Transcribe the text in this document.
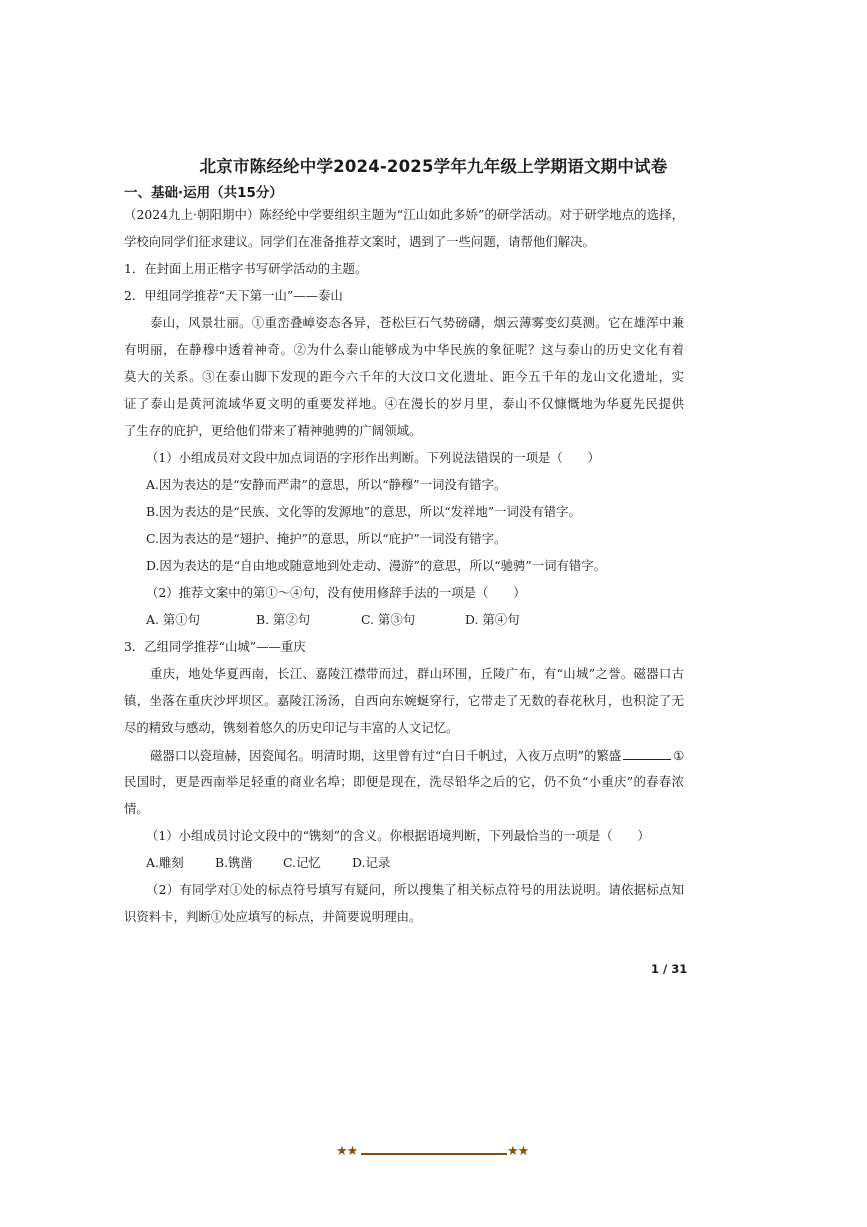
北京市陈经纶中学2024-2025学年九年级上学期语文期中试卷
一、基础·运用（共15分）
（2024九上·朝阳期中）陈经纶中学要组织主题为“江山如此多娇”的研学活动。对于研学地点的选择，
学校向同学们征求建议。同学们在准备推荐文案时，遇到了一些问题，请帮他们解决。
1．在封面上用正楷字书写研学活动的主题。
2．甲组同学推荐“天下第一山”——泰山
泰山，风景壮丽。①重峦叠嶂姿态各异，苍松巨石气势磅礴，烟云薄雾变幻莫测。它在雄浑中兼
有明丽，在静穆中透着神奇。②为什么泰山能够成为中华民族的象征呢？这与泰山的历史文化有着
莫大的关系。③在泰山脚下发现的距今六千年的大汶口文化遗址、距今五千年的龙山文化遗址，实
证了泰山是黄河流域华夏文明的重要发祥地。④在漫长的岁月里，泰山不仅慷慨地为华夏先民提供
了生存的庇护，更给他们带来了精神驰骋的广阔领域。
（1）小组成员对文段中加点词语的字形作出判断。下列说法错误的一项是（　　）
A.因为表达的是“安静而严肃”的意思，所以“静穆”一词没有错字。
B.因为表达的是“民族、文化等的发源地”的意思，所以“发祥地”一词没有错字。
C.因为表达的是“翅护、掩护”的意思，所以“庇护”一词没有错字。
D.因为表达的是“自由地或随意地到处走动、漫游”的意思，所以“驰骋”一词有错字。
（2）推荐文案中的第①～④句，没有使用修辞手法的一项是（　　）
A. 第①句	B. 第②句	C. 第③句	D. 第④句
3．乙组同学推荐“山城”——重庆
重庆，地处华夏西南，长江、嘉陵江襟带而过，群山环围，丘陵广布，有“山城”之誉。磁器口古
镇，坐落在重庆沙坪坝区。嘉陵江汤汤，自西向东婉蜒穿行，它带走了无数的春花秋月，也积淀了无
尽的精致与感动，镌刻着悠久的历史印记与丰富的人文记忆。
磁器口以瓷瑄赫，因瓷闻名。明清时期，这里曾有过“白日千帆过，入夜万点明”的繁盛	①
民国时，更是西南举足轻重的商业名埠；即便是现在，洗尽铅华之后的它，仍不负“小重庆”的春春浓
情。
（1）小组成员讨论文段中的“镌刻”的含义。你根据语境判断，下列最恰当的一项是（　　）
A.雕刻	B.镌凿 C.记忆	D.记录
（2）有同学对①处的标点符号填写有疑问，所以搜集了相关标点符号的用法说明。请依据标点知
识资料卡，判断①处应填写的标点，并简要说明理由。
1 / 31
★★	★★
